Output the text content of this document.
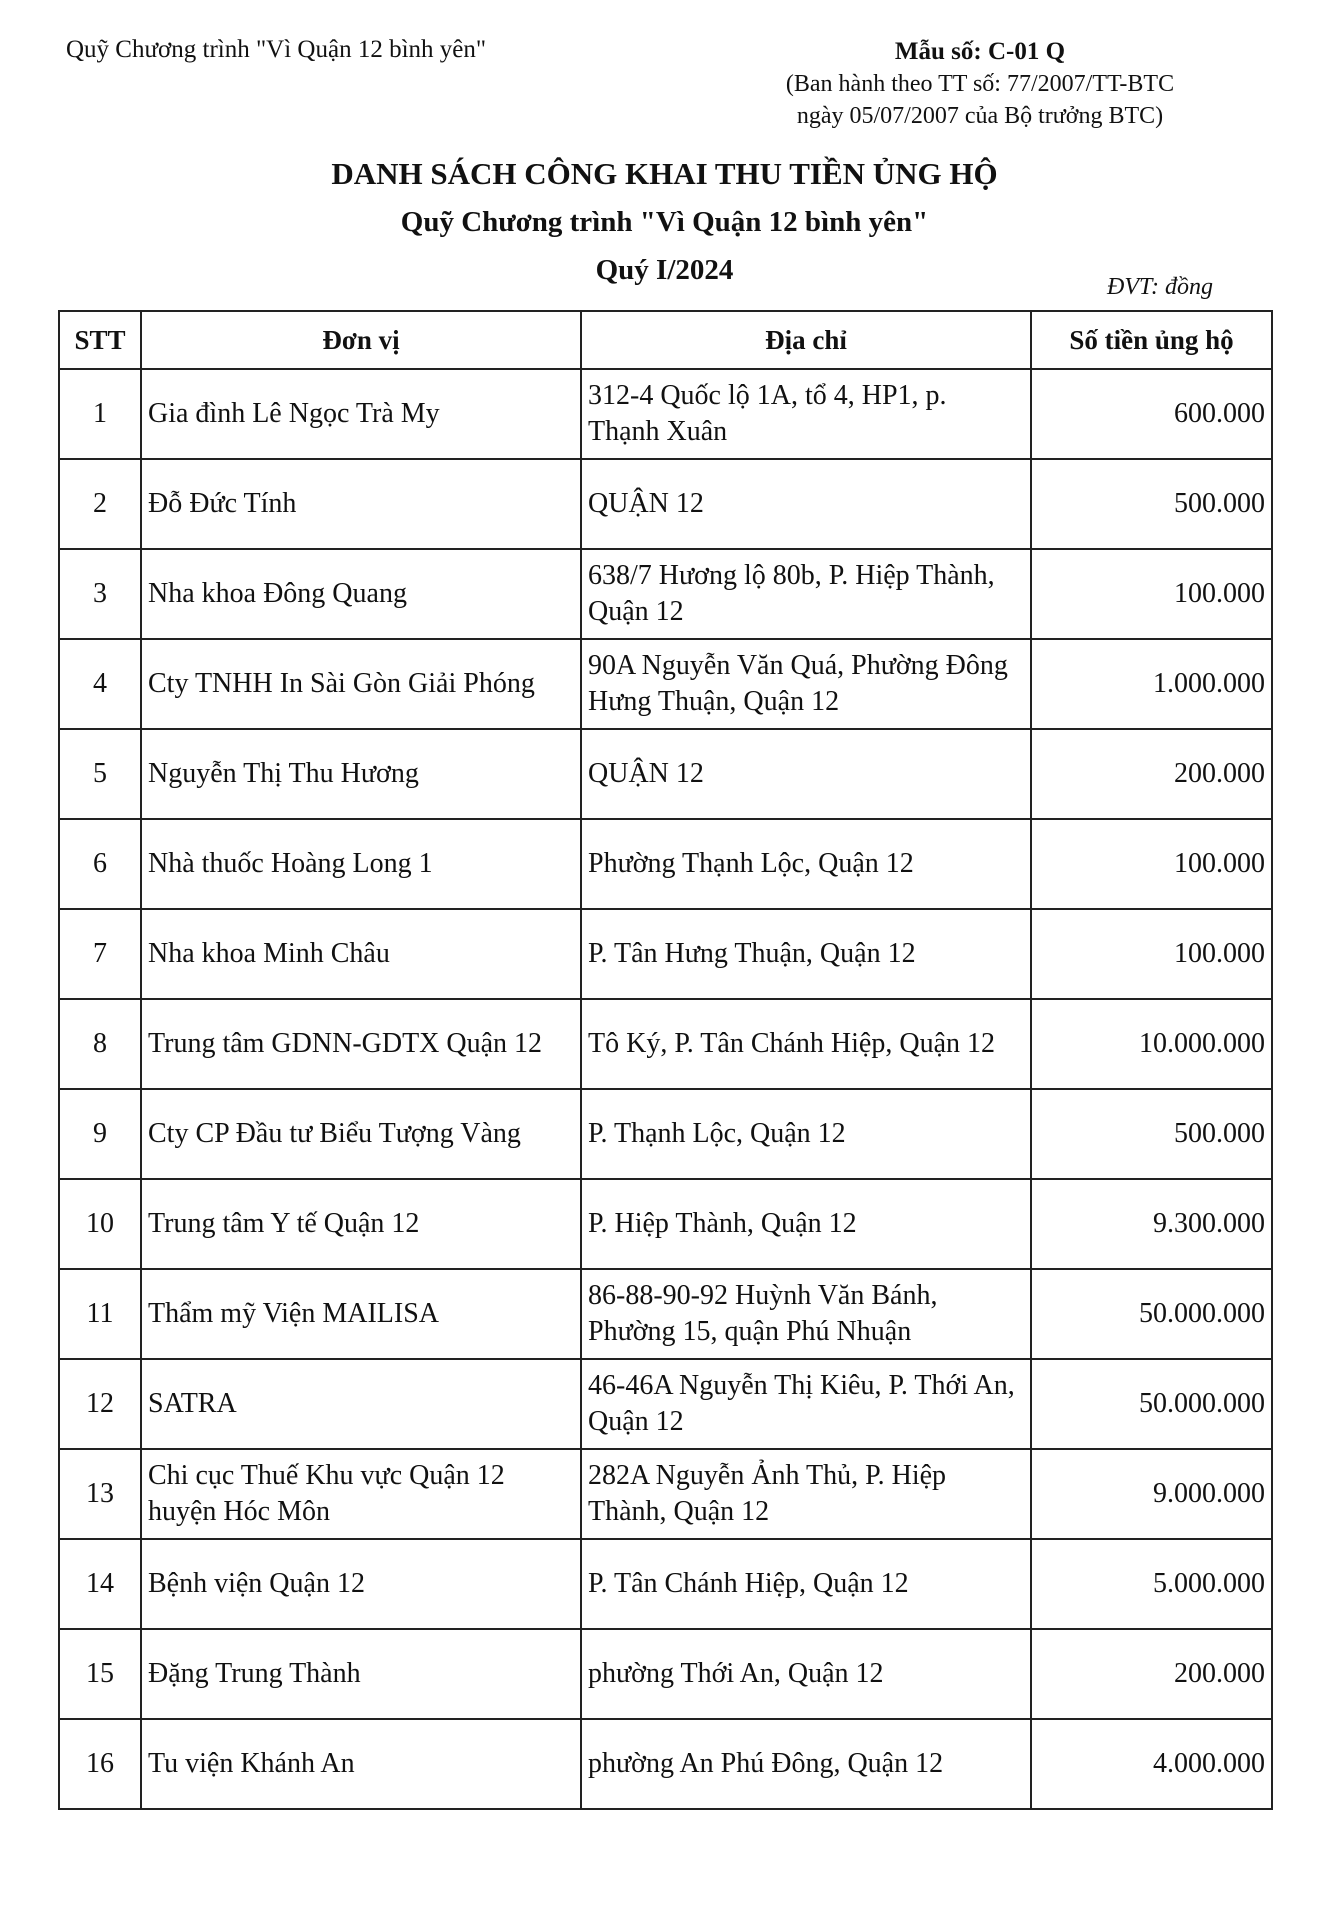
Quỹ Chương trình "Vì Quận 12 bình yên"	Mẫu số: C-01 Q
(Ban hành theo TT số: 77/2007/TT-BTC
ngày 05/07/2007 của Bộ trưởng BTC)
DANH SÁCH CÔNG KHAI THU TIỀN ỦNG HỘ
Quỹ Chương trình "Vì Quận 12 bình yên"
Quý I/2024
ĐVT: đồng
STT	Đơn vị	Địa chỉ	Số tiền ủng hộ
1	Gia đình Lê Ngọc Trà My	312-4 Quốc lộ 1A, tổ 4, HP1, p. Thạnh Xuân	600.000
2	Đỗ Đức Tính	QUẬN 12	500.000
3	Nha khoa Đông Quang	638/7 Hương lộ 80b, P. Hiệp Thành, Quận 12	100.000
4	Cty TNHH In Sài Gòn Giải Phóng	90A Nguyễn Văn Quá, Phường Đông Hưng Thuận, Quận 12	1.000.000
5	Nguyễn Thị Thu Hương	QUẬN 12	200.000
6	Nhà thuốc Hoàng Long 1	Phường Thạnh Lộc, Quận 12	100.000
7	Nha khoa Minh Châu	P. Tân Hưng Thuận, Quận 12	100.000
8	Trung tâm GDNN-GDTX Quận 12	Tô Ký, P. Tân Chánh Hiệp, Quận 12	10.000.000
9	Cty CP Đầu tư Biểu Tượng Vàng	P. Thạnh Lộc, Quận 12	500.000
10	Trung tâm Y tế Quận 12	P. Hiệp Thành, Quận 12	9.300.000
11	Thẩm mỹ Viện MAILISA	86-88-90-92 Huỳnh Văn Bánh, Phường 15, quận Phú Nhuận	50.000.000
12	SATRA	46-46A Nguyễn Thị Kiêu, P. Thới An, Quận 12	50.000.000
13	Chi cục Thuế Khu vực Quận 12 huyện Hóc Môn	282A Nguyễn Ảnh Thủ, P. Hiệp Thành, Quận 12	9.000.000
14	Bệnh viện Quận 12	P. Tân Chánh Hiệp, Quận 12	5.000.000
15	Đặng Trung Thành	phường Thới An, Quận 12	200.000
16	Tu viện Khánh An	phường An Phú Đông, Quận 12	4.000.000
